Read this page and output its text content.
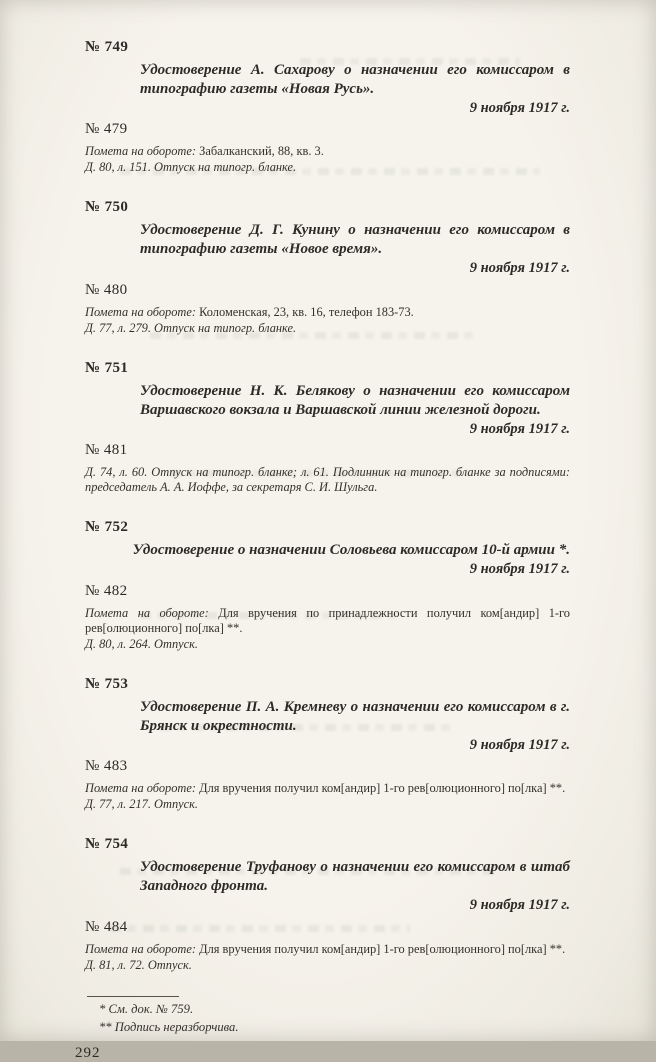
№ 749

Удостоверение А. Сахарову о назначении его комиссаром в типографию газеты «Новая Русь».

9 ноября 1917 г.
№ 479

Помета на обороте: Забалканский, 88, кв. 3.

Д. 80, л. 151. Отпуск на типогр. бланке.

№ 750

Удостоверение Д. Г. Кунину о назначении его комиссаром в типографию газеты «Новое время».

9 ноября 1917 г.
№ 480

Помета на обороте: Коломенская, 23, кв. 16, телефон 183-73.

Д. 77, л. 279. Отпуск на типогр. бланке.

№ 751

Удостоверение Н. К. Белякову о назначении его комиссаром Варшавского вокзала и Варшавской линии железной дороги.

9 ноября 1917 г.
№ 481

Д. 74, л. 60. Отпуск на типогр. бланке; л. 61. Подлинник на типогр. бланке за подписями: председатель А. А. Иоффе, за секретаря С. И. Шульга.

№ 752

Удостоверение о назначении Соловьева комиссаром 10-й армии *.

9 ноября 1917 г.
№ 482

Помета на обороте: Для вручения по принадлежности получил ком[андир] 1-го рев[олюционного] по[лка] **.

Д. 80, л. 264. Отпуск.

№ 753

Удостоверение П. А. Кремневу о назначении его комиссаром в г. Брянск и окрестности.

9 ноября 1917 г.
№ 483

Помета на обороте: Для вручения получил ком[андир] 1-го рев[олюционного] по[лка] **.

Д. 77, л. 217. Отпуск.

№ 754

Удостоверение Труфанову о назначении его комиссаром в штаб Западного фронта.

9 ноября 1917 г.
№ 484

Помета на обороте: Для вручения получил ком[андир] 1-го рев[олюционного] по[лка] **.

Д. 81, л. 72. Отпуск.

* См. док. № 759.

** Подпись неразборчива.

292
